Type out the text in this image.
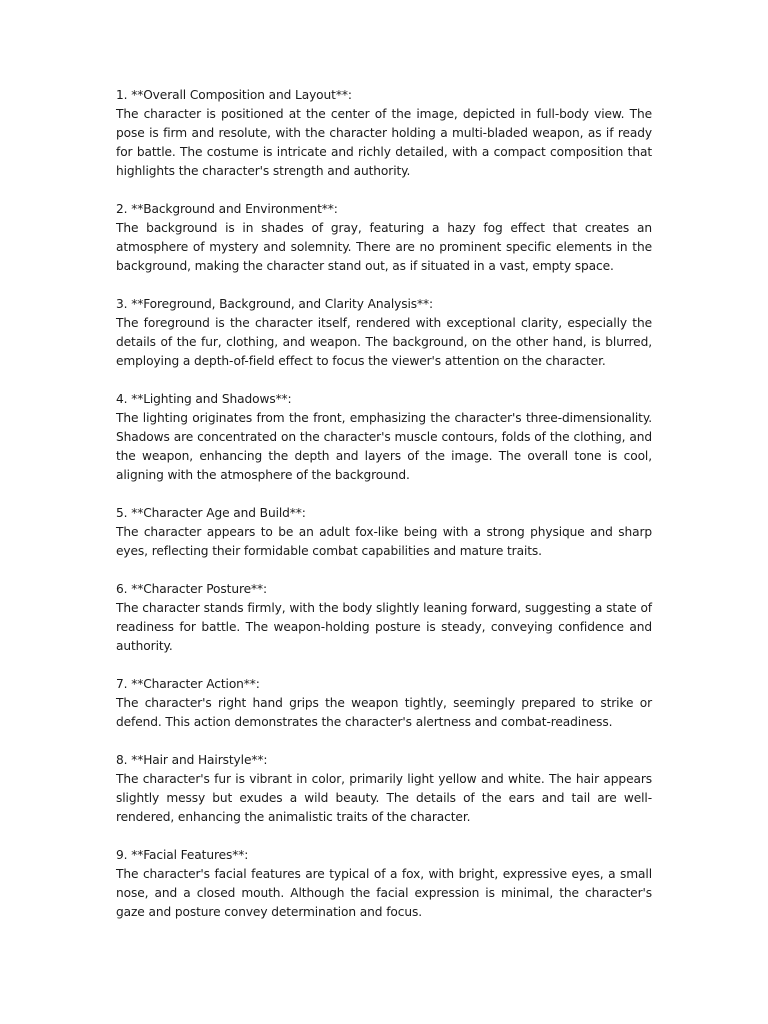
1. **Overall Composition and Layout**:
The character is positioned at the center of the image, depicted in full-body view. The pose is firm and resolute, with the character holding a multi-bladed weapon, as if ready for battle. The costume is intricate and richly detailed, with a compact composition that highlights the character's strength and authority.
2. **Background and Environment**:
The background is in shades of gray, featuring a hazy fog effect that creates an atmosphere of mystery and solemnity. There are no prominent specific elements in the background, making the character stand out, as if situated in a vast, empty space.
3. **Foreground, Background, and Clarity Analysis**:
The foreground is the character itself, rendered with exceptional clarity, especially the details of the fur, clothing, and weapon. The background, on the other hand, is blurred, employing a depth-of-field effect to focus the viewer's attention on the character.
4. **Lighting and Shadows**:
The lighting originates from the front, emphasizing the character's three-dimensionality. Shadows are concentrated on the character's muscle contours, folds of the clothing, and the weapon, enhancing the depth and layers of the image. The overall tone is cool, aligning with the atmosphere of the background.
5. **Character Age and Build**:
The character appears to be an adult fox-like being with a strong physique and sharp eyes, reflecting their formidable combat capabilities and mature traits.
6. **Character Posture**:
The character stands firmly, with the body slightly leaning forward, suggesting a state of readiness for battle. The weapon-holding posture is steady, conveying confidence and authority.
7. **Character Action**:
The character's right hand grips the weapon tightly, seemingly prepared to strike or defend. This action demonstrates the character's alertness and combat-readiness.
8. **Hair and Hairstyle**:
The character's fur is vibrant in color, primarily light yellow and white. The hair appears slightly messy but exudes a wild beauty. The details of the ears and tail are well-rendered, enhancing the animalistic traits of the character.
9. **Facial Features**:
The character's facial features are typical of a fox, with bright, expressive eyes, a small nose, and a closed mouth. Although the facial expression is minimal, the character's gaze and posture convey determination and focus.
